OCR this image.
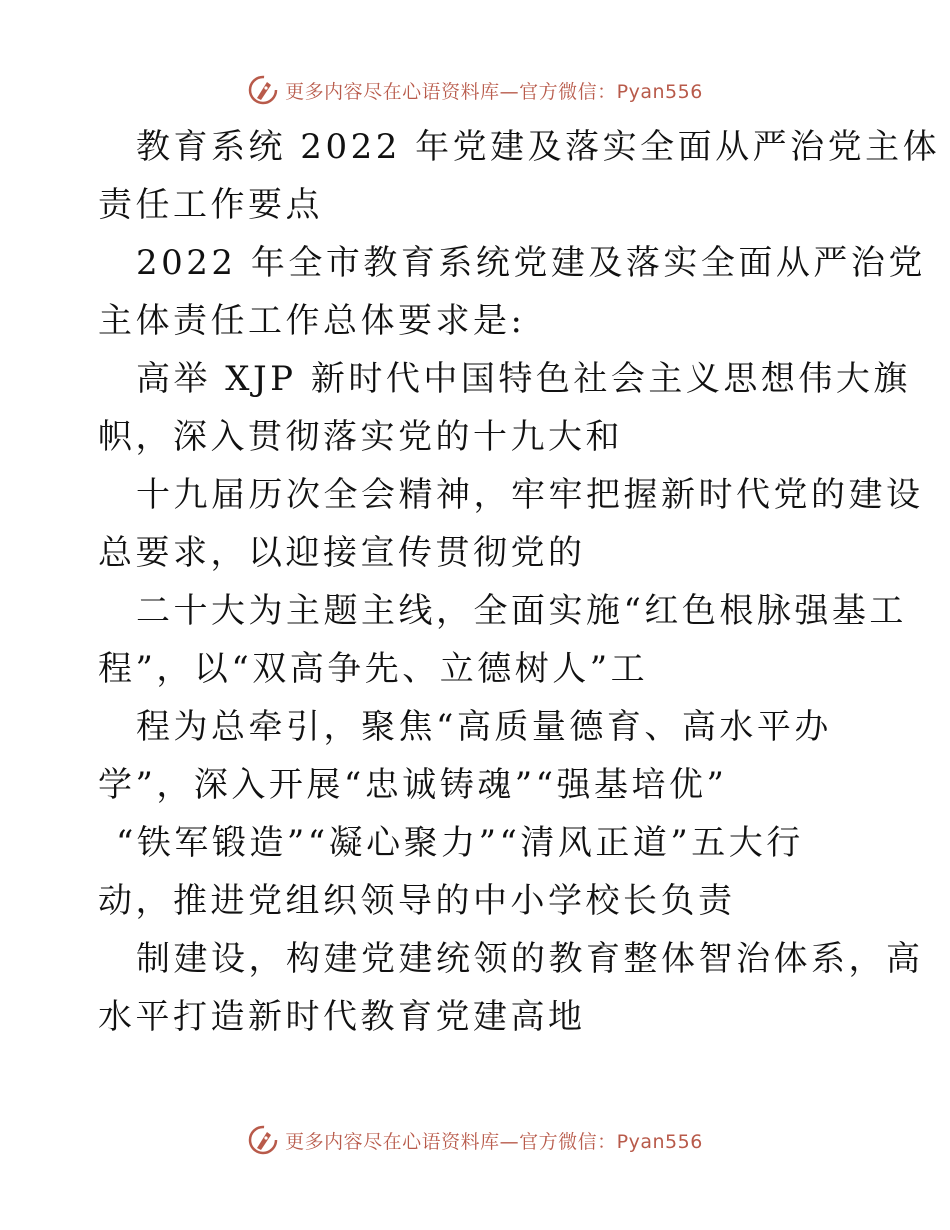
更多内容尽在心语资料库—官方微信：Pyan556
教育系统 2022 年党建及落实全面从严治党主体
责任工作要点
2022 年全市教育系统党建及落实全面从严治党
主体责任工作总体要求是:
高举 XJP 新时代中国特色社会主义思想伟大旗
帜，深入贯彻落实党的十九大和
十九届历次全会精神，牢牢把握新时代党的建设
总要求，以迎接宣传贯彻党的
二十大为主题主线，全面实施“红色根脉强基工
程”，以“双高争先、立德树人”工
程为总牵引，聚焦“高质量德育、高水平办
学”，深入开展“忠诚铸魂”“强基培优”
“铁军锻造”“凝心聚力”“清风正道”五大行
动，推进党组织领导的中小学校长负责
制建设，构建党建统领的教育整体智治体系，高
水平打造新时代教育党建高地
更多内容尽在心语资料库—官方微信：Pyan556
